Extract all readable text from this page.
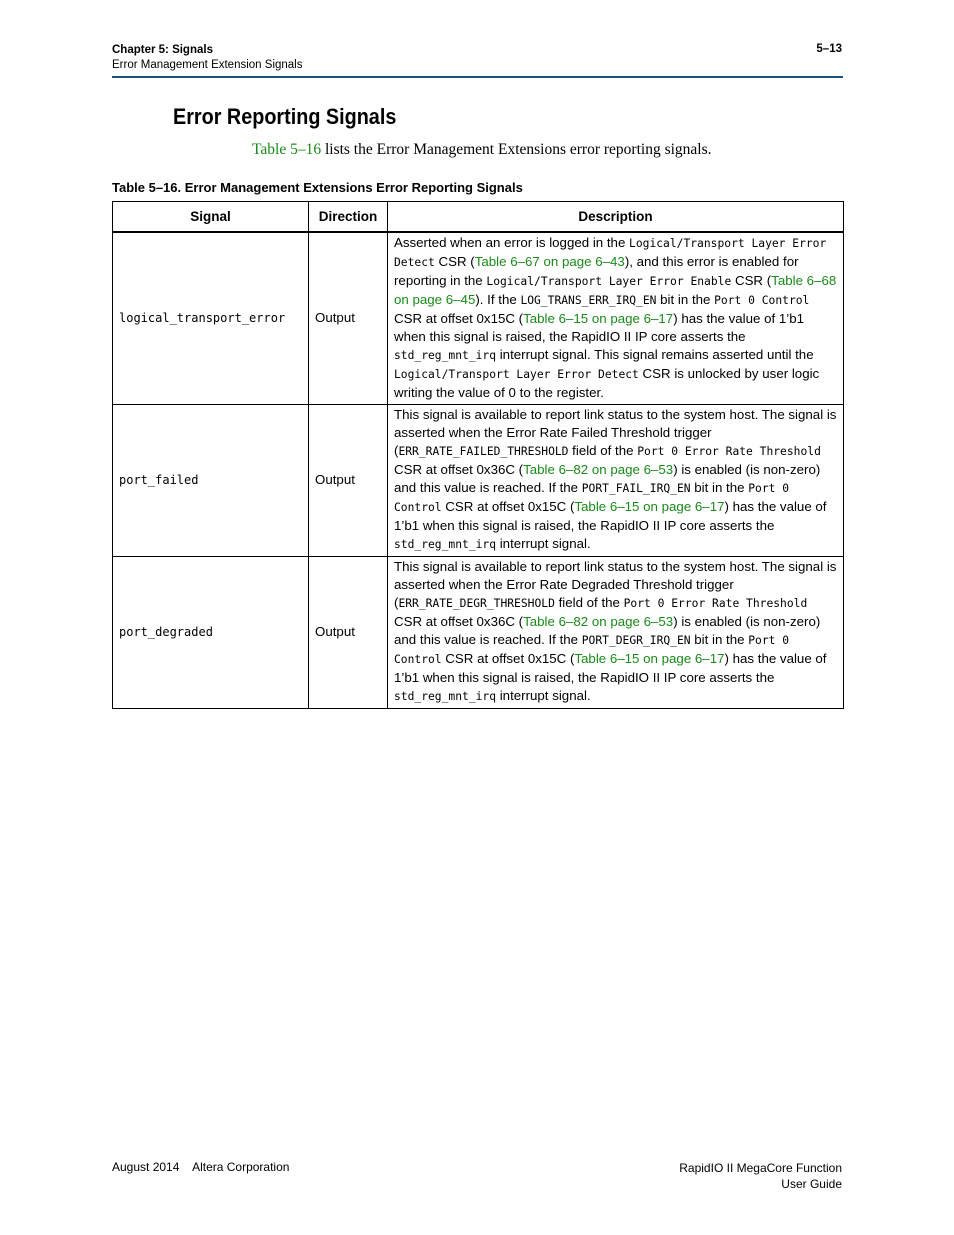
Chapter 5: Signals
Error Management Extension Signals
5–13
Error Reporting Signals
Table 5–16 lists the Error Management Extensions error reporting signals.
Table 5–16. Error Management Extensions Error Reporting Signals
Signal	Direction	Description
logical_transport_error	Output	Asserted when an error is logged in the Logical/Transport Layer Error Detect CSR (Table 6–67 on page 6–43), and this error is enabled for reporting in the Logical/Transport Layer Error Enable CSR (Table 6–68 on page 6–45). If the LOG_TRANS_ERR_IRQ_EN bit in the Port 0 Control CSR at offset 0x15C (Table 6–15 on page 6–17) has the value of 1’b1 when this signal is raised, the RapidIO II IP core asserts the std_reg_mnt_irq interrupt signal. This signal remains asserted until the Logical/Transport Layer Error Detect CSR is unlocked by user logic writing the value of 0 to the register.
port_failed	Output	This signal is available to report link status to the system host. The signal is asserted when the Error Rate Failed Threshold trigger (ERR_RATE_FAILED_THRESHOLD field of the Port 0 Error Rate Threshold CSR at offset 0x36C (Table 6–82 on page 6–53) is enabled (is non-zero) and this value is reached. If the PORT_FAIL_IRQ_EN bit in the Port 0 Control CSR at offset 0x15C (Table 6–15 on page 6–17) has the value of 1’b1 when this signal is raised, the RapidIO II IP core asserts the std_reg_mnt_irq interrupt signal.
port_degraded	Output	This signal is available to report link status to the system host. The signal is asserted when the Error Rate Degraded Threshold trigger (ERR_RATE_DEGR_THRESHOLD field of the Port 0 Error Rate Threshold CSR at offset 0x36C (Table 6–82 on page 6–53) is enabled (is non-zero) and this value is reached. If the PORT_DEGR_IRQ_EN bit in the Port 0 Control CSR at offset 0x15C (Table 6–15 on page 6–17) has the value of 1’b1 when this signal is raised, the RapidIO II IP core asserts the std_reg_mnt_irq interrupt signal.
August 2014    Altera Corporation	RapidIO II MegaCore Function
User Guide
